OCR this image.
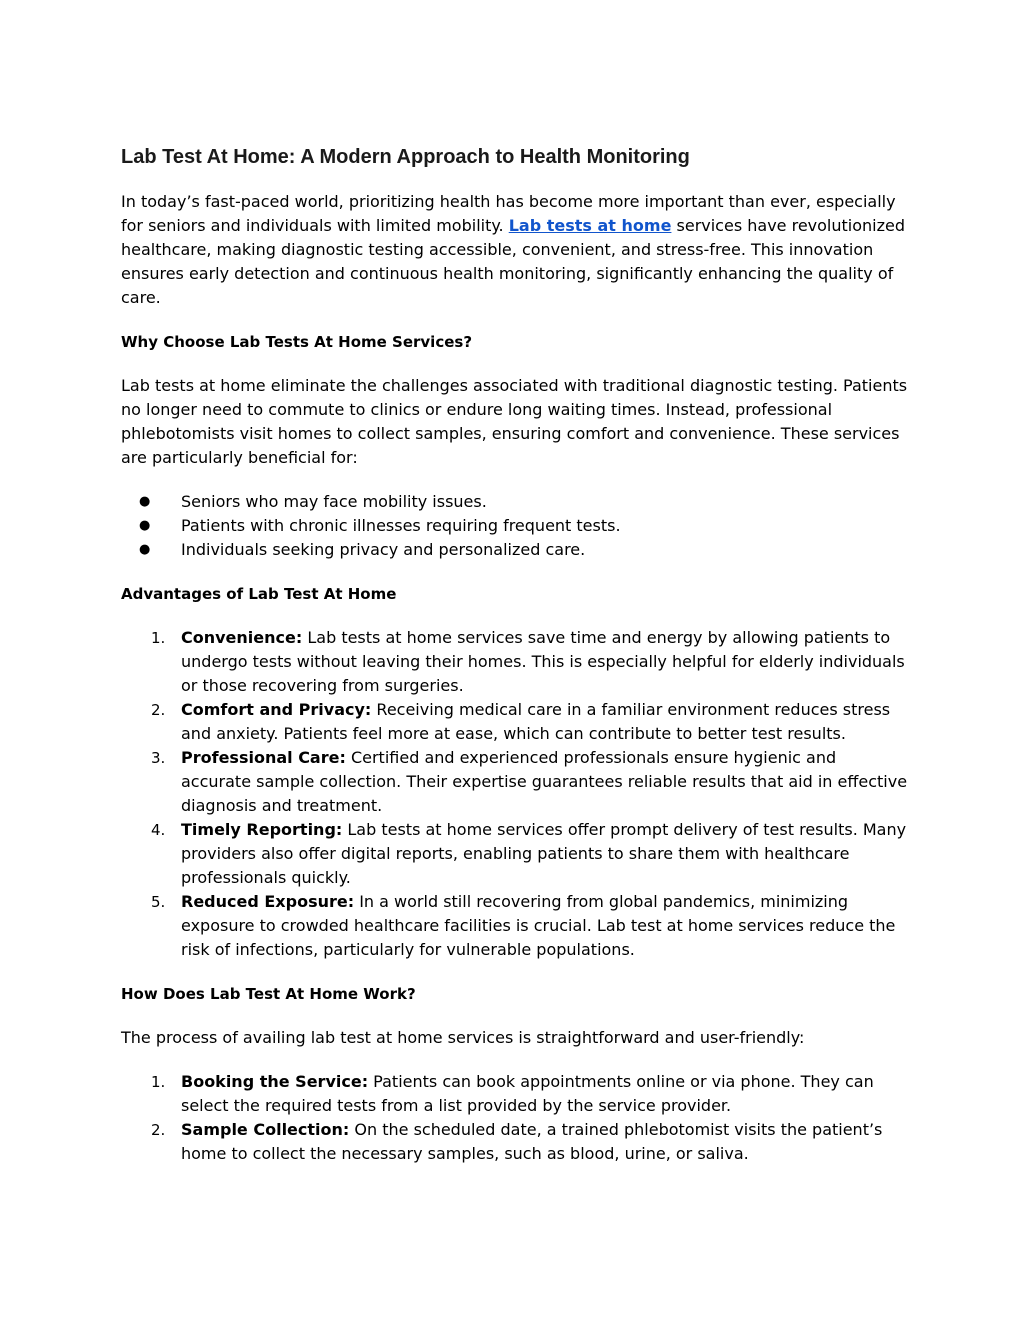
Lab Test At Home: A Modern Approach to Health Monitoring

In today’s fast-paced world, prioritizing health has become more important than ever, especially for seniors and individuals with limited mobility. Lab tests at home services have revolutionized healthcare, making diagnostic testing accessible, convenient, and stress-free. This innovation ensures early detection and continuous health monitoring, significantly enhancing the quality of care.

Why Choose Lab Tests At Home Services?

Lab tests at home eliminate the challenges associated with traditional diagnostic testing. Patients no longer need to commute to clinics or endure long waiting times. Instead, professional phlebotomists visit homes to collect samples, ensuring comfort and convenience. These services are particularly beneficial for:

● Seniors who may face mobility issues.
● Patients with chronic illnesses requiring frequent tests.
● Individuals seeking privacy and personalized care.

Advantages of Lab Test At Home

1. Convenience: Lab tests at home services save time and energy by allowing patients to undergo tests without leaving their homes. This is especially helpful for elderly individuals or those recovering from surgeries.
2. Comfort and Privacy: Receiving medical care in a familiar environment reduces stress and anxiety. Patients feel more at ease, which can contribute to better test results.
3. Professional Care: Certified and experienced professionals ensure hygienic and accurate sample collection. Their expertise guarantees reliable results that aid in effective diagnosis and treatment.
4. Timely Reporting: Lab tests at home services offer prompt delivery of test results. Many providers also offer digital reports, enabling patients to share them with healthcare professionals quickly.
5. Reduced Exposure: In a world still recovering from global pandemics, minimizing exposure to crowded healthcare facilities is crucial. Lab test at home services reduce the risk of infections, particularly for vulnerable populations.

How Does Lab Test At Home Work?

The process of availing lab test at home services is straightforward and user-friendly:

1. Booking the Service: Patients can book appointments online or via phone. They can select the required tests from a list provided by the service provider.
2. Sample Collection: On the scheduled date, a trained phlebotomist visits the patient’s home to collect the necessary samples, such as blood, urine, or saliva.
